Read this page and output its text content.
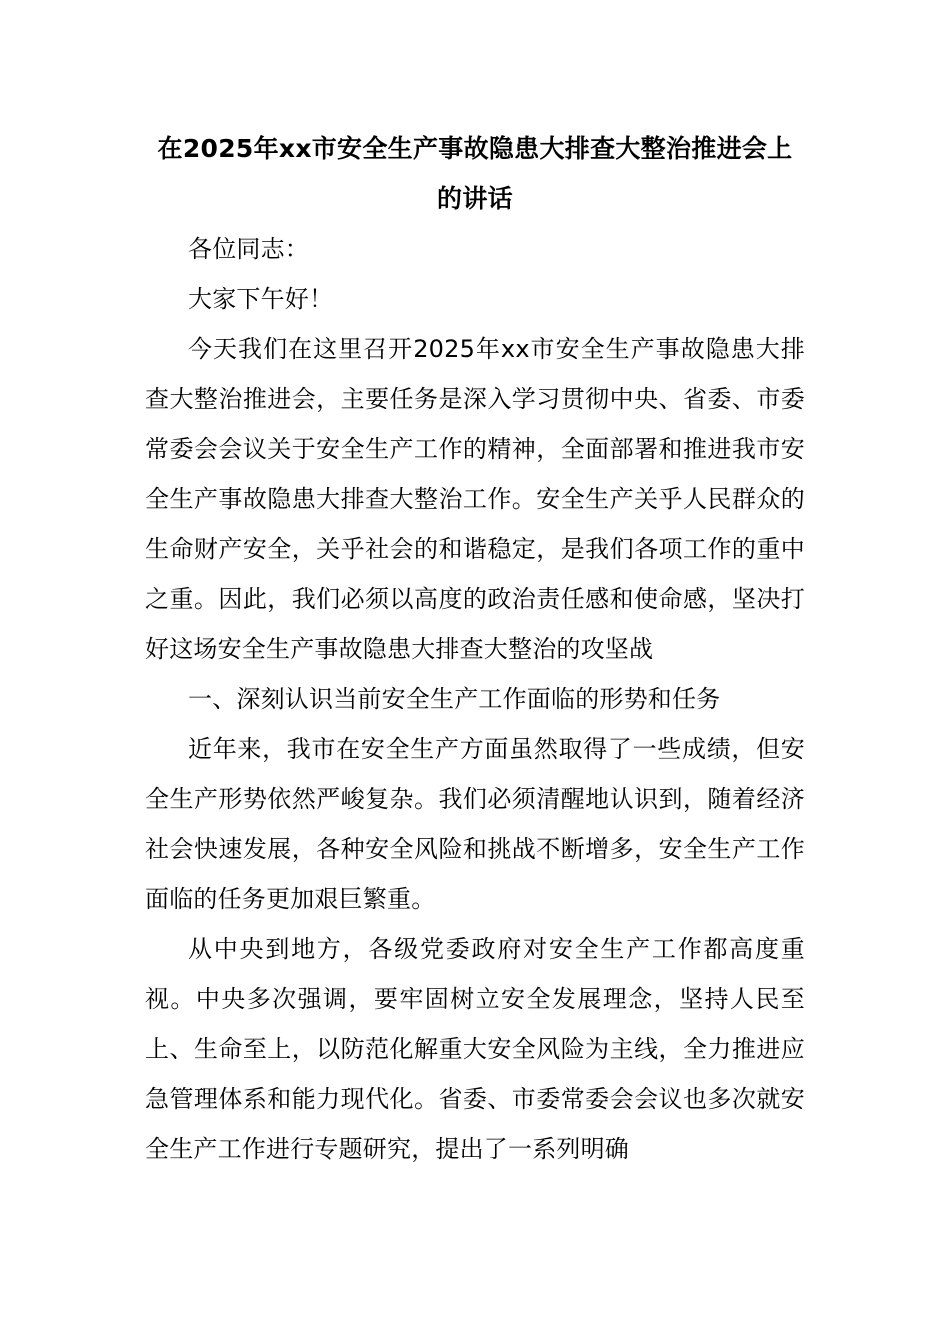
在2025年xx市安全生产事故隐患大排查大整治推进会上的讲话

各位同志：

大家下午好！

今天我们在这里召开2025年xx市安全生产事故隐患大排查大整治推进会，主要任务是深入学习贯彻中央、省委、市委常委会会议关于安全生产工作的精神，全面部署和推进我市安全生产事故隐患大排查大整治工作。安全生产关乎人民群众的生命财产安全，关乎社会的和谐稳定，是我们各项工作的重中之重。因此，我们必须以高度的政治责任感和使命感，坚决打好这场安全生产事故隐患大排查大整治的攻坚战

一、深刻认识当前安全生产工作面临的形势和任务

近年来，我市在安全生产方面虽然取得了一些成绩，但安全生产形势依然严峻复杂。我们必须清醒地认识到，随着经济社会快速发展，各种安全风险和挑战不断增多，安全生产工作面临的任务更加艰巨繁重。

从中央到地方，各级党委政府对安全生产工作都高度重视。中央多次强调，要牢固树立安全发展理念，坚持人民至上、生命至上，以防范化解重大安全风险为主线，全力推进应急管理体系和能力现代化。省委、市委常委会会议也多次就安全生产工作进行专题研究，提出了一系列明确
